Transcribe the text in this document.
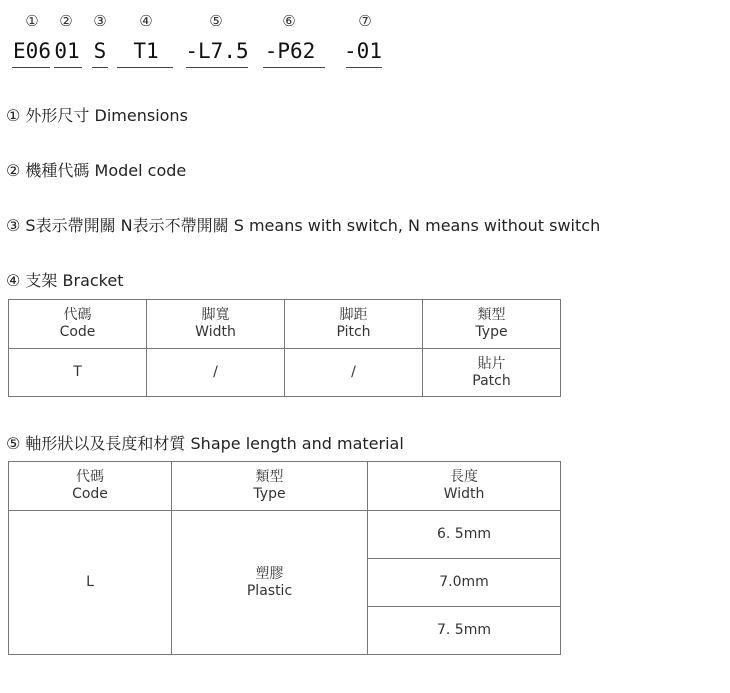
①
E06
②
01
③
S
④
T1
⑤
-L7.5
⑥
-P62
⑦
-01
① 外形尺寸 Dimensions
② 機種代碼 Model code
③ S表示帶開關 N表示不帶開關 S means with switch, N means without switch
④ 支架 Bracket
代碼
Code	脚寬
Width	脚距
Pitch	類型
Type

T	/	/	貼片
Patch
⑤ 軸形狀以及長度和材質 Shape length and material
代碼
Code	類型
Type	長度
Width

L	塑膠
Plastic	6. 5mm
		7.0mm
		7. 5mm
